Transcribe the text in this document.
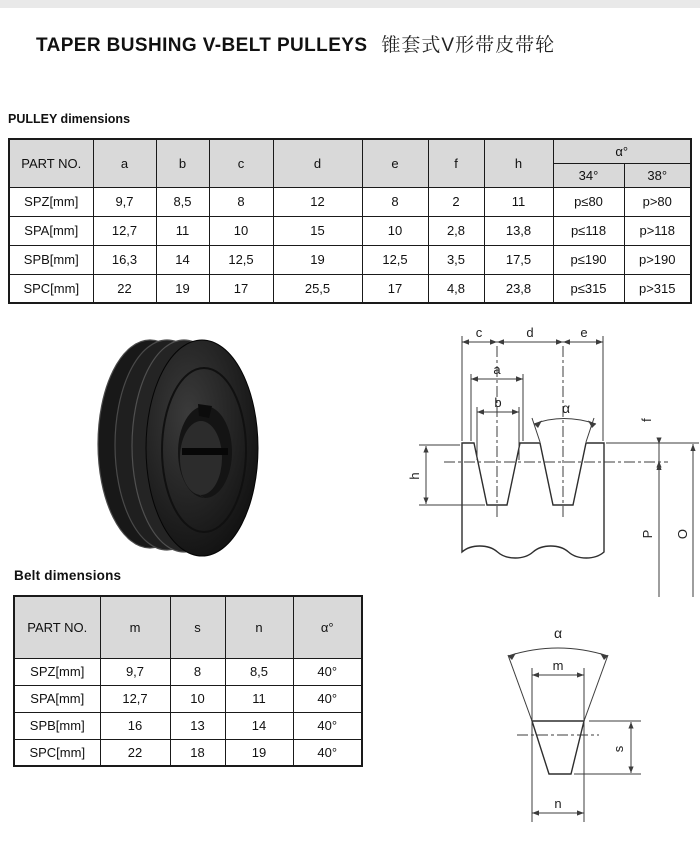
TAPER BUSHING V-BELT PULLEYS 锥套式V形带皮带轮
PULLEY dimensions
PART NO.	a	b	c	d	e	f	h	α°	
								34°	38°
SPZ[mm]	9,7	8,5	8	12	8	2	11	p≤80	p>80
SPA[mm]	12,7	11	10	15	10	2,8	13,8	p≤118	p>118
SPB[mm]	16,3	14	12,5	19	12,5	3,5	17,5	p≤190	p>190
SPC[mm]	22	19	17	25,5	17	4,8	23,8	p≤315	p>315
c	d	e
a
b	α
f
h
P O
Belt dimensions
PART NO.	m	s	n	α°
SPZ[mm]	9,7	8	8,5	40°
SPA[mm]	12,7	10	11	40°
SPB[mm]	16	13	14	40°
SPC[mm]	22	18	19	40°
α
m
s
n
